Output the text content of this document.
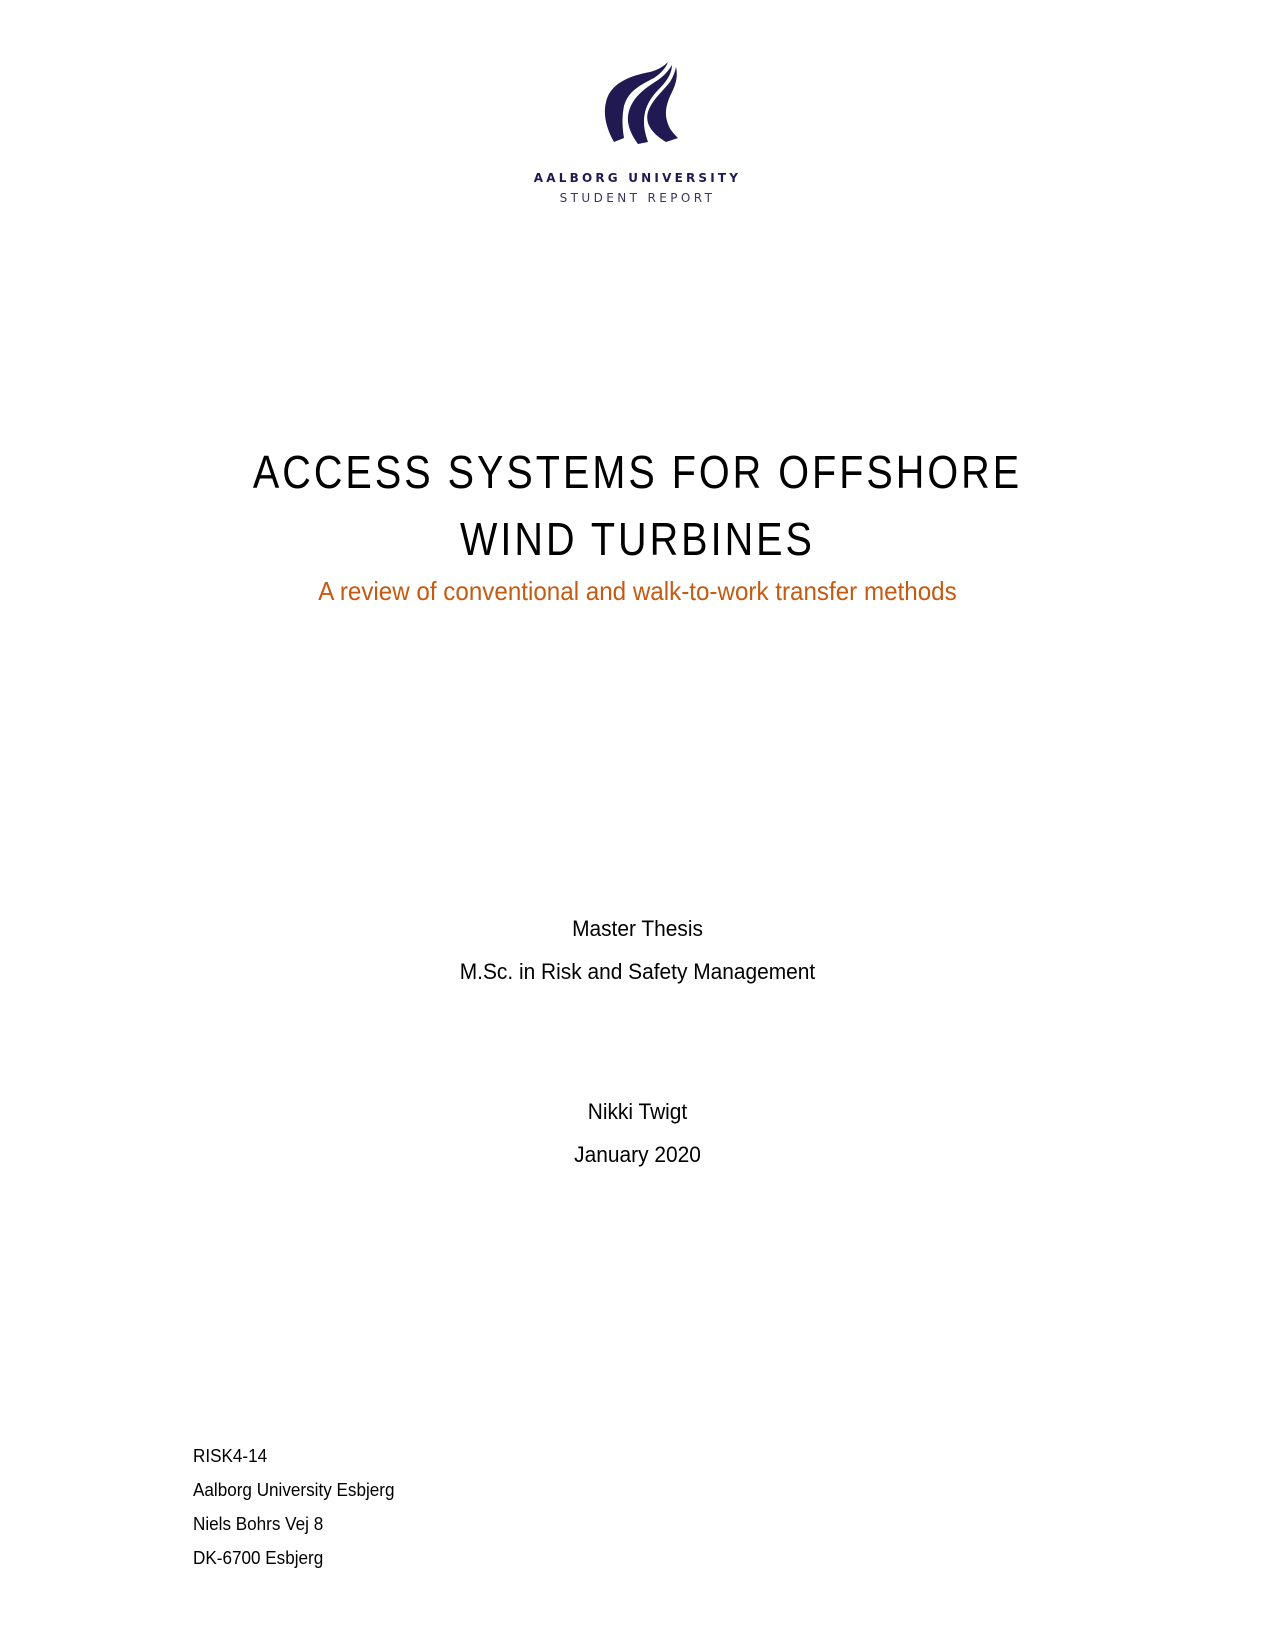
AALBORG UNIVERSITY
STUDENT REPORT
ACCESS SYSTEMS FOR OFFSHORE
WIND TURBINES
A review of conventional and walk-to-work transfer methods
Master Thesis
M.Sc. in Risk and Safety Management
Nikki Twigt
January 2020
RISK4-14
Aalborg University Esbjerg
Niels Bohrs Vej 8
DK-6700 Esbjerg
